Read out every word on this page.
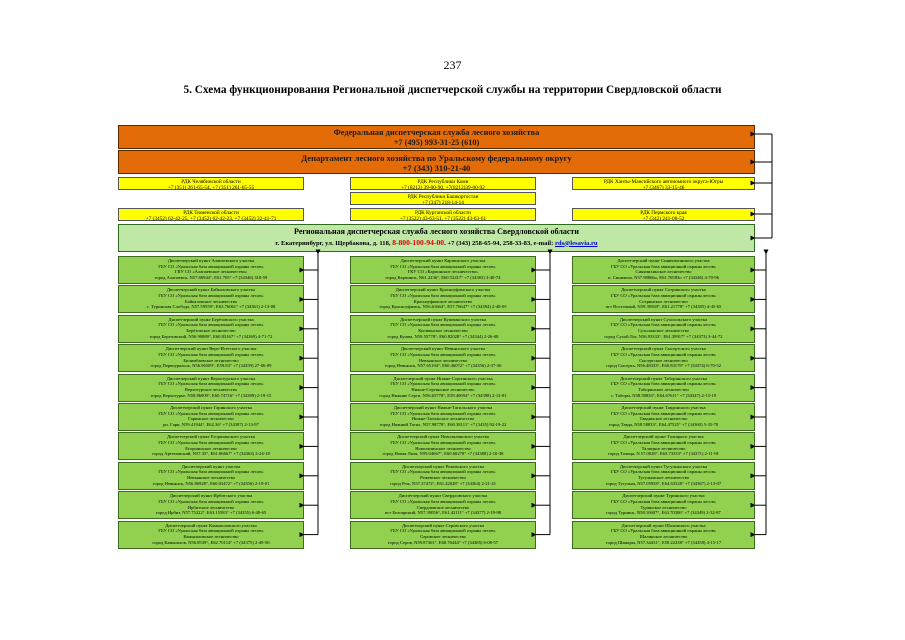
237
5. Схема функционирования Региональной диспетчерской службы на территории Свердловской области
Федеральная диспетчерская служба лесного хозяйства
+7 (495) 993-31-25 (610)
Департамент лесного хозяйства по Уральскому федеральному округу
+7 (343) 310-21-40
РДК Челябинской области
+7 (351) 261-65-54, +7 (351) 261-65-55
РДК Республики Коми
+7 (8212) 39-00-90, +7(8212)39-00-92
РДК Ханты-Мансийского автономного округа-Югры
+7 (3467) 33-15-46
РДК Республики Башкортостан
+7 (347) 218-14-14
РДК Тюменской области
+7 (3452) 62-42-25, +7 (3452) 62-42-23, +7 (3452) 32-41-71
РДК Курганской области
+7 (3522) 43-63-51, +7 (3522) 43-63-61
РДК Пермского края
+7 (342) 241-08-52
Региональная диспетчерская служба лесного хозяйства Свердловской области
г. Екатеринбург, ул. Щербакова, д. 118, 8-800-100-94-00. +7 (343) 258-65-94, 258-33-83, e-mail: rds@lesavia.ru
Диспетчерский пункт Алапаевского участка
ГБУ СО «Уральская база авиационной охраны лесов»
ГКУ СО «Алапаевское лесничество»
город Алапаевск, N57.86944°, E61.705° +7 (34346) 318-59
Диспетчерский пункт Байкаловского участка
ГБУ СО «Уральская база авиационной охраны лесов»
Байкаловское лесничество
с. Туринская Слобода, N57.59559°, E63.76061° +7 (34361) 2-13-08
Диспетчерский пункт Берёзовского участка
ГБУ СО «Уральская база авиационной охраны лесов»
Берёзовское лесничество
город Березовский, N56.90889°, E60.83167° +7 (34369) 4-71-72
Диспетчерский пункт Верх-Исетского участка
ГБУ СО «Уральская база авиационной охраны лесов»
Билимбаевское лесничество
город Первоуральск, N56.96509°, E59.83° +7 (34359) 27-06-09
Диспетчерский пункт Верхотурского участка
ГБУ СО «Уральская база авиационной охраны лесов»
Верхотурское лесничество
город Верхотурье, N58.86909°, E60.74716° +7 (34389) 2-19-15
Диспетчерский пункт Гаринского участка
ГБУ СО «Уральская база авиационной охраны лесов»
Гаринское лесничество
рп. Гари, N59.41944°, E62.36° +7 (34387) 2-13-97
Диспетчерский пункт Егоршинского участка
ГБУ СО «Уральская база авиационной охраны лесов»
Егоршинское лесничество
город Артемовский, N57.35°, E61.86667° +7 (34363) 2-24-18
Диспетчерский пункт участка
ГБУ СО «Уральская база авиационной охраны лесов»
Невьянское лесничество
город Невьянск, N56.86928°, E60.03472° +7 (34356) 2-19-01
Диспетчерский пункт Ирбитского участка
ГБУ СО «Уральская база авиационной охраны лесов»
Ирбитское лесничество
город Ирбит, N57.75222°, E63.15583° +7 (34355) 6-40-65
Диспетчерский пункт Камышловского участка
ГБУ СО «Уральская база авиационной охраны лесов»
Камышловское лесничество
город Камышлов, N56.8539°, E62.70114° +7 (34375) 2-49-50
Диспетчерский пункт Карпинского участка
ГБУ СО «Уральская база авиационной охраны лесов»
ГКУ СО «Карпинское лесничество»
город Карпинск, N61.2236°, E60.52417° +7 (34383) 3-40-74
Диспетчерский пункт Красноуфимского участка
ГБУ СО «Уральская база авиационной охраны лесов»
Красноуфимское лесничество
город Красноуфимск, N56.61664°, E57.76647° +7 (34394) 2-48-05
Диспетчерский пункт Кушвинского участка
ГБУ СО «Уральская база авиационной охраны лесов»
Кушвинское лесничество
город Кушва, N59.55778°, E60.82028° +7 (34344) 2-26-08
Диспетчерский пункт Невьянского участка
ГБУ СО «Уральская база авиационной охраны лесов»
Невьянское лесничество
город Невьянск, N57.65194°, E60.46072° +7 (34356) 2-37-36
Диспетчерский пункт Нижне-Сергинского участка
ГБУ СО «Уральская база авиационной охраны лесов»
Нижне-Сергинское лесничество
город Нижние Серги, N56.65778°, E59.40694° +7 (34398) 2-12-81
Диспетчерский пункт Нижне-Тагильского участка
ГБУ СО «Уральская база авиационной охраны лесов»
Нижне-Тагильское лесничество
город Нижний Тагил, N57.98778°, E60.38111° +7 (3435) 92-19-22
Диспетчерский пункт Новолялинского участка
ГБУ СО «Уральская база авиационной охраны лесов»
Новолялинское лесничество
город Новая Ляля, N59.04667°, E60.60278° +7 (34388) 2-10-38
Диспетчерский пункт Режевского участка
ГБУ СО «Уральская база авиационной охраны лесов»
Режевское лесничество
город Реж, N57.37472°, E61.42028° +7 (34364) 2-21-41
Диспетчерский пункт Свердловского участка
ГБУ СО «Уральская база авиационной охраны лесов»
Свердловское лесничество
пгт Белоярский, N57.39056°, E61.42111° +7 (34377) 2-19-98
Диспетчерский пункт Серовского участка
ГБУ СО «Уральская база авиационной охраны лесов»
Серовское лесничество
город Серов, N59.87361°, E60.76444° +7 (34385) 6-08-57
Диспетчерский пункт Синячихинского участка
ГБУ СО «Уральская база авиационной охраны лесов»
Синячихинское лесничество
п. Синячиха, N57.98866о, E61.76583о +7 (34346) 4-70-96
Диспетчерский пункт Сотринского участка
ГБУ СО «Уральская база авиационной охраны лесов»
Сотринское лесничество
пгт Восточный, N59.39569°, E61.21778° +7 (34385) 4-45-65
Диспетчерский пункт Сухоложского участка
ГБУ СО «Уральская база авиационной охраны лесов»
Сухоложское лесничество
город Сухой Лог, N56.93333°, E61.39917° +7 (34373) 3-44-72
Диспетчерский пункт Сысертского участка
ГБУ СО «Уральская база авиационной охраны лесов»
Сысертское лесничество
город Сысерть, N56.48333°, E60.83178° +7 (34374) 6-70-52
Диспетчерский пункт Таборинского участка
ГБУ СО «Уральская база авиационной охраны лесов»
Таборинское лесничество
с. Таборы, N58.58833°, E64.67611° +7 (34347) 2-13-19
Диспетчерский пункт Тавдинского участка
ГБУ СО «Уральская база авиационной охраны лесов»
Тавдинское лесничество
город Тавда, N58.58833°, E64.47525° +7 (34360) 5-35-70
Диспетчерский пункт Талицкого участка
ГБУ СО «Уральская база авиационной охраны лесов»
Талицкое лесничество
город Талица, N 57.0028°, E63.73333° +7 (34371) 2-11-91
Диспетчерский пункт Тугулымского участка
ГБУ СО «Уральская база авиационной охраны лесов»
Тугулымское лесничество
город Тугулым, N57.05958°, E64.63328° +7 (34367) 2-13-07
Диспетчерский пункт Туринского участка
ГБУ СО «Уральская база авиационной охраны лесов»
Туринское лесничество
город Туринск, N58.10607°, E63.70306° +7 (34349) 2-32-87
Диспетчерский пункт Шалинского участка
ГБУ СО «Уральская база авиационной охраны лесов»
Шалинское лесничество
город Шамары, N57.34431°, E58.22238° +7 (34358) 4-15-17
